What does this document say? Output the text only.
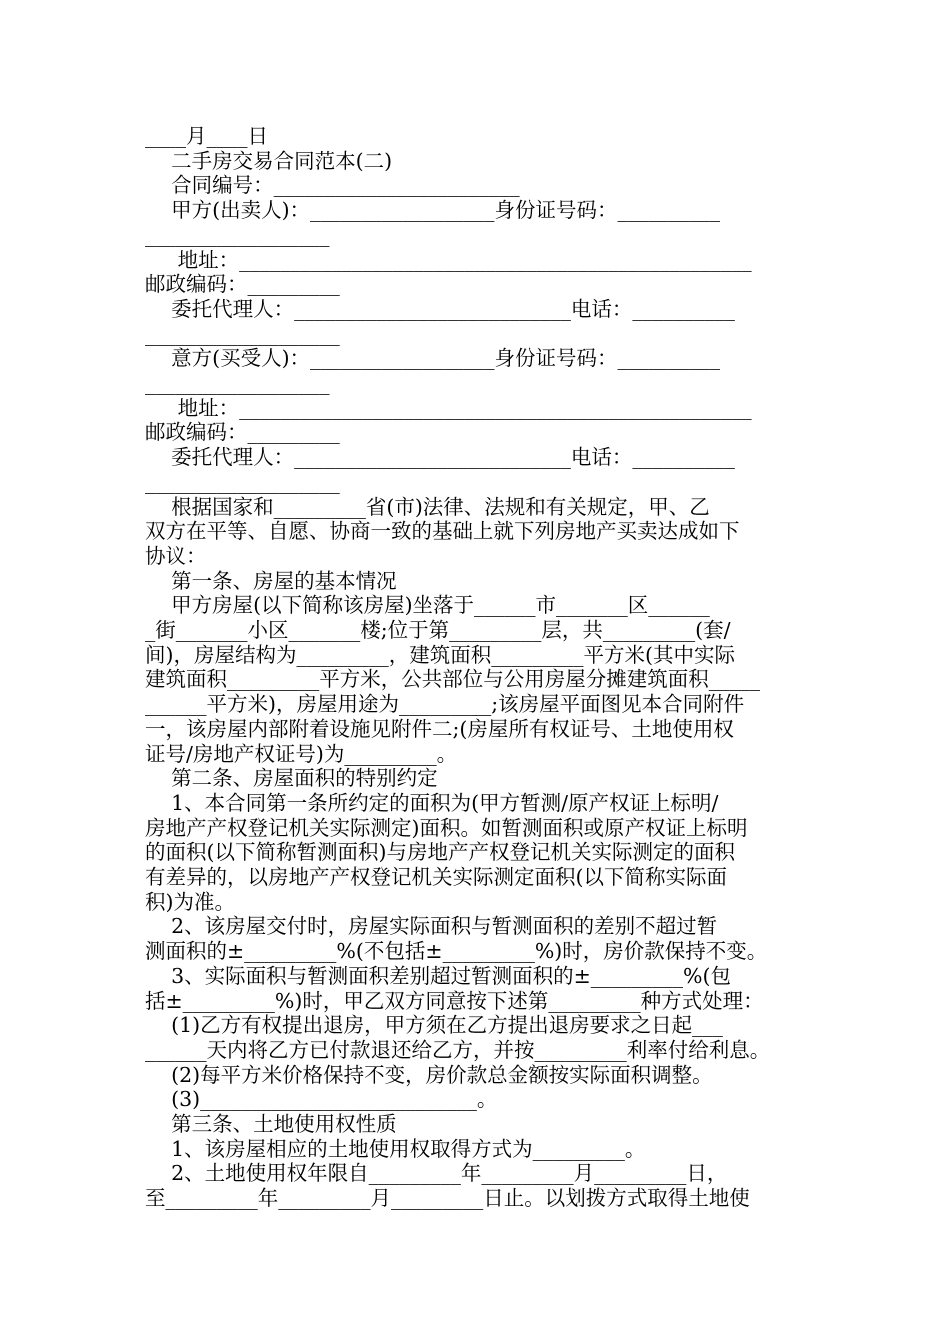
____月____日
二手房交易合同范本(二)
合同编号：________________________
甲方(出卖人)：__________________身份证号码：__________
__________________
地址：__________________________________________________
邮政编码：_________
委托代理人：___________________________电话：__________
___________________
意方(买受人)：__________________身份证号码：__________
__________________
地址：__________________________________________________
邮政编码：_________
委托代理人：___________________________电话：__________
___________________
根据国家和_________省(市)法律、法规和有关规定，甲、乙
双方在平等、自愿、协商一致的基础上就下列房地产买卖达成如下
协议：
第一条、房屋的基本情况
甲方房屋(以下简称该房屋)坐落于______市_______区______
_街_______小区_______楼;位于第_________层，共_________(套/
间)，房屋结构为_________，建筑面积_________平方米(其中实际
建筑面积_________平方米，公共部位与公用房屋分摊建筑面积_____
______平方米)，房屋用途为_________;该房屋平面图见本合同附件
一，该房屋内部附着设施见附件二;(房屋所有权证号、土地使用权
证号/房地产权证号)为_________。
第二条、房屋面积的特别约定
1、本合同第一条所约定的面积为(甲方暂测/原产权证上标明/
房地产产权登记机关实际测定)面积。如暂测面积或原产权证上标明
的面积(以下简称暂测面积)与房地产产权登记机关实际测定的面积
有差异的，以房地产产权登记机关实际测定面积(以下简称实际面
积)为准。
2、该房屋交付时，房屋实际面积与暂测面积的差别不超过暂
测面积的±_________%(不包括±_________%)时，房价款保持不变。
3、实际面积与暂测面积差别超过暂测面积的±_________%(包
括±_________%)时，甲乙双方同意按下述第_________种方式处理：
(1)乙方有权提出退房，甲方须在乙方提出退房要求之日起___
______天内将乙方已付款退还给乙方，并按_________利率付给利息。
(2)每平方米价格保持不变，房价款总金额按实际面积调整。
(3)___________________________。
第三条、土地使用权性质
1、该房屋相应的土地使用权取得方式为_________。
2、土地使用权年限自_________年_________月_________日，
至_________年_________月_________日止。以划拨方式取得土地使
